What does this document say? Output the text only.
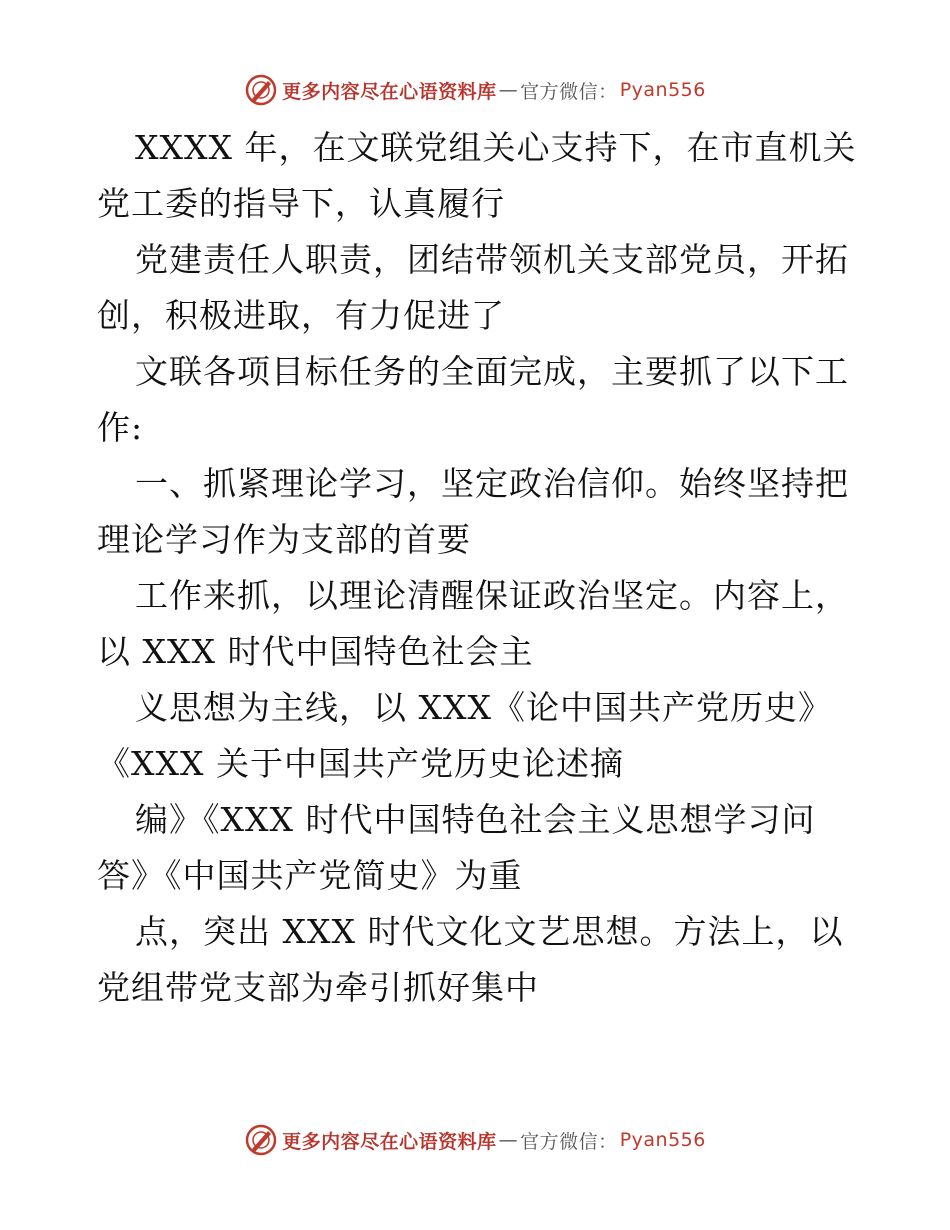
更多内容尽在心语资料库 — 官方微信： Pyan556

XXXX 年，在文联党组关心支持下，在市直机关党工委的指导下，认真履行

党建责任人职责，团结带领机关支部党员，开拓创，积极进取，有力促进了

文联各项目标任务的全面完成，主要抓了以下工作:

一、抓紧理论学习，坚定政治信仰。始终坚持把理论学习作为支部的首要

工作来抓，以理论清醒保证政治坚定。内容上，以 XXX 时代中国特色社会主

义思想为主线，以 XXX《论中国共产党历史》《XXX 关于中国共产党历史论述摘

编》《XXX 时代中国特色社会主义思想学习问答》《中国共产党简史》为重

点，突出 XXX 时代文化文艺思想。方法上，以党组带党支部为牵引抓好集中

更多内容尽在心语资料库 — 官方微信： Pyan556
